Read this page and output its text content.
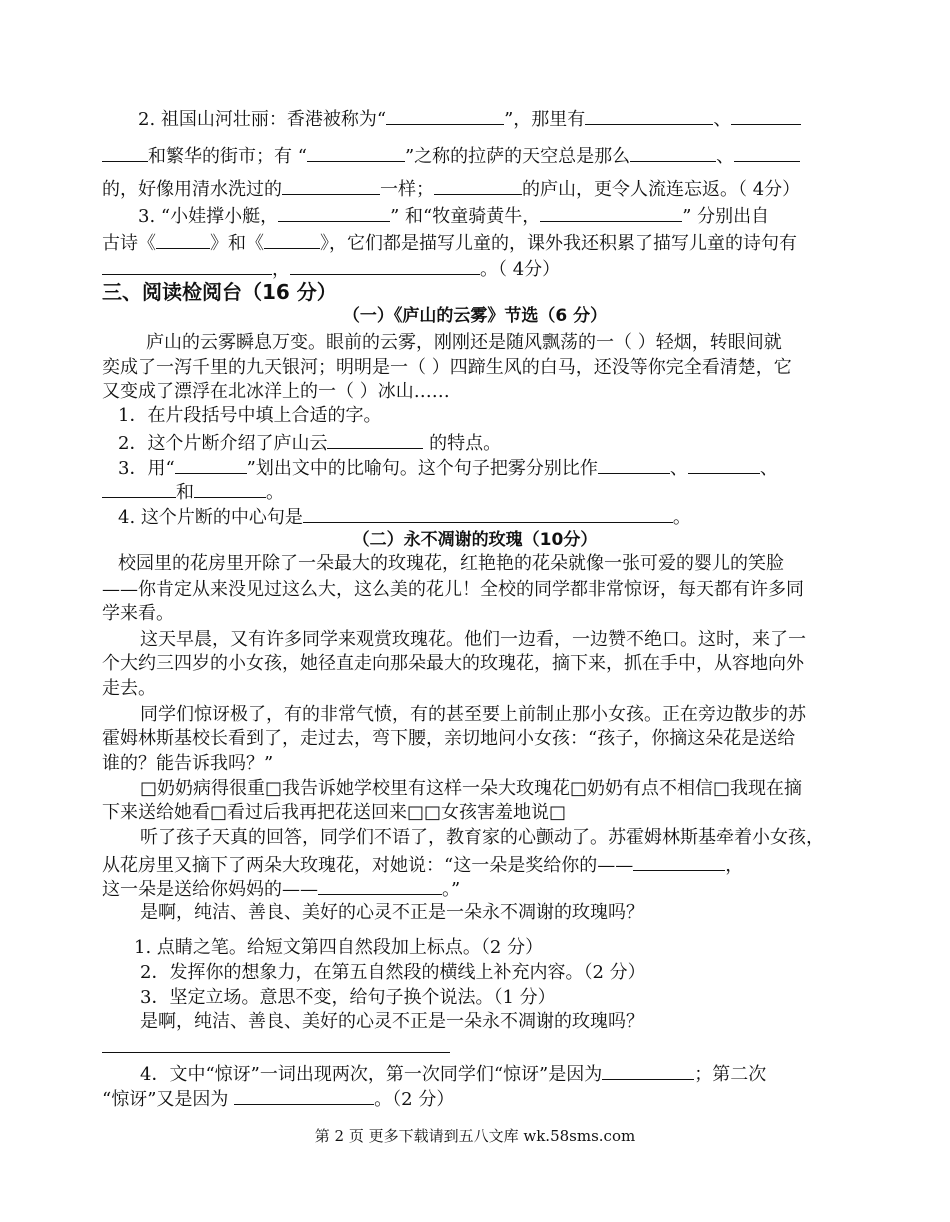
2. 祖国山河壮丽：香港被称为“	”，那里有	、
和繁华的街市；有 “	”之称的拉萨的天空总是那么	、
的，好像用清水洗过的	一样；	的庐山，更令人流连忘返。（ 4分）
3. “小娃撑小艇，	” 和“牧童骑黄牛，	” 分别出自
古诗《	》和《	》，它们都是描写儿童的，课外我还积累了描写儿童的诗句有
，	。（ 4分）
三、阅读检阅台（16 分）
（一）《庐山的云雾》节选（6 分）
庐山的云雾瞬息万变。眼前的云雾，刚刚还是随风飘荡的一（ ）轻烟，转眼间就
奕成了一泻千里的九天银河；明明是一（ ）四蹄生风的白马，还没等你完全看清楚，它
又变成了漂浮在北冰洋上的一（ ）冰山……
1．在片段括号中填上合适的字。
2．这个片断介绍了庐山云	的特点。
3．用“	”划出文中的比喻句。这个句子把雾分别比作	、	、
和	。
4. 这个片断的中心句是	。
（二）永不凋谢的玫瑰（10分）
校园里的花房里开除了一朵最大的玫瑰花，红艳艳的花朵就像一张可爱的婴儿的笑脸
——你肯定从来没见过这么大，这么美的花儿！全校的同学都非常惊讶，每天都有许多同
学来看。
这天早晨，又有许多同学来观赏玫瑰花。他们一边看，一边赞不绝口。这时，来了一
个大约三四岁的小女孩，她径直走向那朵最大的玫瑰花，摘下来，抓在手中，从容地向外
走去。
同学们惊讶极了，有的非常气愤，有的甚至要上前制止那小女孩。正在旁边散步的苏
霍姆林斯基校长看到了，走过去，弯下腰，亲切地问小女孩：“孩子，你摘这朵花是送给
谁的？能告诉我吗？”
□奶奶病得很重□我告诉她学校里有这样一朵大玫瑰花□奶奶有点不相信□我现在摘
下来送给她看□看过后我再把花送回来□□女孩害羞地说□
听了孩子天真的回答，同学们不语了，教育家的心颤动了。苏霍姆林斯基牵着小女孩，
从花房里又摘下了两朵大玫瑰花，对她说：“这一朵是奖给你的——	，
这一朵是送给你妈妈的——	。”
是啊，纯洁、善良、美好的心灵不正是一朵永不凋谢的玫瑰吗？
1. 点睛之笔。给短文第四自然段加上标点。（2 分）
2．发挥你的想象力，在第五自然段的横线上补充内容。（2 分）
3．坚定立场。意思不变，给句子换个说法。（1 分）
是啊，纯洁、善良、美好的心灵不正是一朵永不凋谢的玫瑰吗？
4．文中“惊讶”一词出现两次，第一次同学们“惊讶”是因为	；第二次
“惊讶”又是因为	。（2 分）
第 2 页 更多下载请到五八文库 wk.58sms.com
